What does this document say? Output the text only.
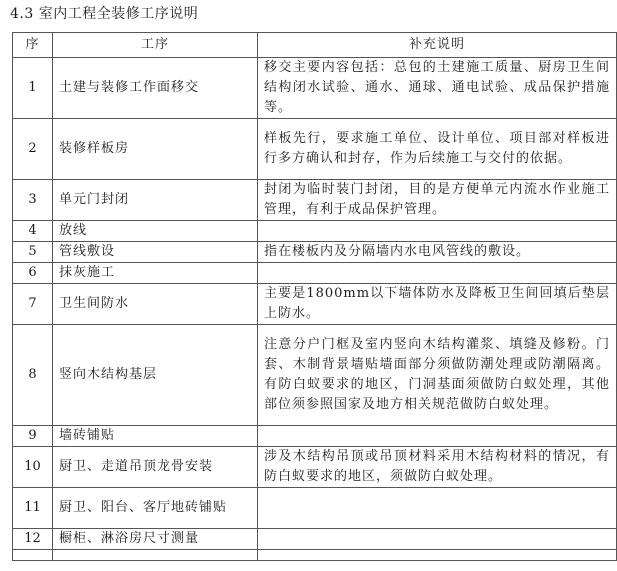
4.3 室内工程全装修工序说明
序	工序	补充说明
1	土建与装修工作面移交	移交主要内容包括：总包的土建施工质量、厨房卫生间结构闭水试验、通水、通球、通电试验、成品保护措施等。
2	装修样板房	样板先行，要求施工单位、设计单位、项目部对样板进行多方确认和封存，作为后续施工与交付的依据。
3	单元门封闭	封闭为临时装门封闭，目的是方便单元内流水作业施工管理，有利于成品保护管理。
4	放线	
5	管线敷设	指在楼板内及分隔墙内水电风管线的敷设。
6	抹灰施工	
7	卫生间防水	主要是1800mm以下墙体防水及降板卫生间回填后垫层上防水。
8	竖向木结构基层	注意分户门框及室内竖向木结构灌浆、填缝及修粉。门套、木制背景墙贴墙面部分须做防潮处理或防潮隔离。有防白蚁要求的地区，门洞基面须做防白蚁处理，其他部位须参照国家及地方相关规范做防白蚁处理。
9	墙砖铺贴	
10	厨卫、走道吊顶龙骨安装	涉及木结构吊顶或吊顶材料采用木结构材料的情况，有防白蚁要求的地区，须做防白蚁处理。
11	厨卫、阳台、客厅地砖铺贴	
12	橱柜、淋浴房尺寸测量	
